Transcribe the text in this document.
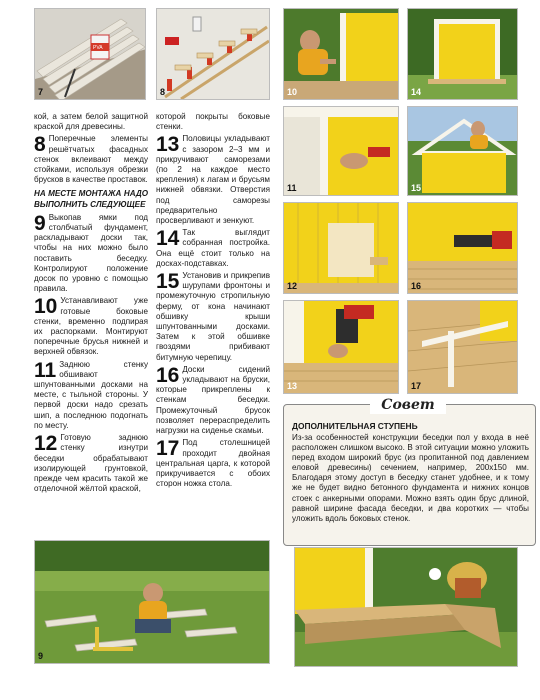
PVA
7	8

кой, а затем белой защитной краской для древесины.

8 Поперечные элементы решётчатых фасадных стенок вклеивают между стойками, используя обрезки брусков в качестве проставок.
НА МЕСТЕ МОНТАЖА НАДО ВЫПОЛНИТЬ СЛЕДУЮЩЕЕ
9 Выкопав ямки под столбчатый фундамент, раскладывают доски так, чтобы на них можно было поставить беседку. Контролируют положение досок по уровню с помощью правила.
10 Устанавливают уже готовые боковые стенки, временно подпирая их распорками. Монтируют поперечные брусья нижней и верхней обвязок.
11 Заднюю стенку обшивают шпунтованными досками на месте, с тыльной стороны. У первой доски надо срезать шип, а последнюю подогнать по месту.
12 Готовую заднюю стенку изнутри беседки обрабатывают изолирующей грунтовкой, прежде чем красить такой же отделочной жёлтой краской,

которой покрыты боковые стенки.

13 Половицы укладывают с зазором 2–3 мм и прикручивают саморезами (по 2 на каждое место крепления) к лагам и брусьям нижней обвязки. Отверстия под саморезы предварительно просверливают и зенкуют.
14 Так выглядит собранная постройка. Она ещё стоит только на досках-подставках.
15 Установив и прикрепив шурупами фронтоны и промежуточную стропильную ферму, от кона начинают обшивку крыши шпунтованными досками. Затем к этой обшивке гвоздями прибивают битумную черепицу.
16 Доски сидений укладывают на бруски, которые прикреплены к стенкам беседки. Промежуточный брусок позволяет перераспределить нагрузки на сиденье скамьи.
17 Под столешницей проходит двойная центральная царга, к которой прикручивается с обоих сторон ножка стола.
9
10	14
11	15
12	16
13	17
Совет
ДОПОЛНИТЕЛЬНАЯ СТУПЕНЬ
Из-за особенностей конструкции беседки пол у входа в неё расположен слишком высоко. В этой ситуации можно уложить перед входом широкий брус (из пропитанной под давлением еловой древесины) сечением, например, 200х150 мм. Благодаря этому доступ в беседку станет удобнее, и к тому же не будет видно бетонного фундамента и нижних концов стоек с анкерными опорами. Можно взять один брус длиной, равной ширине фасада беседки, и два коротких — чтобы уложить вдоль боковых стенок.
